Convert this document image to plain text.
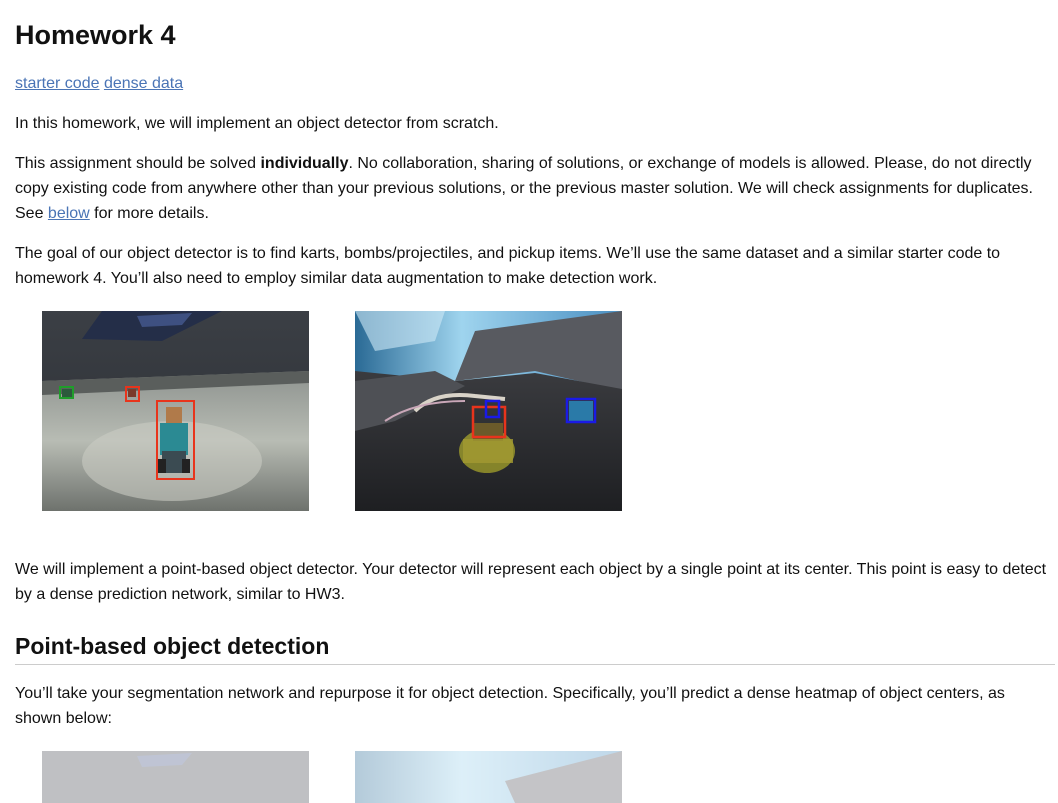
Homework 4
starter code dense data

In this homework, we will implement an object detector from scratch.

This assignment should be solved individually. No collaboration, sharing of solutions, or exchange of models is allowed. Please, do not directly copy existing code from anywhere other than your previous solutions, or the previous master solution. We will check assignments for duplicates. See below for more details.

The goal of our object detector is to find karts, bombs/projectiles, and pickup items. We’ll use the same dataset and a similar starter code to homework 4. You’ll also need to employ similar data augmentation to make detection work.

We will implement a point-based object detector. Your detector will represent each object by a single point at its center. This point is easy to detect by a dense prediction network, similar to HW3.

Point-based object detection

You’ll take your segmentation network and repurpose it for object detection. Specifically, you’ll predict a dense heatmap of object centers, as shown below:
